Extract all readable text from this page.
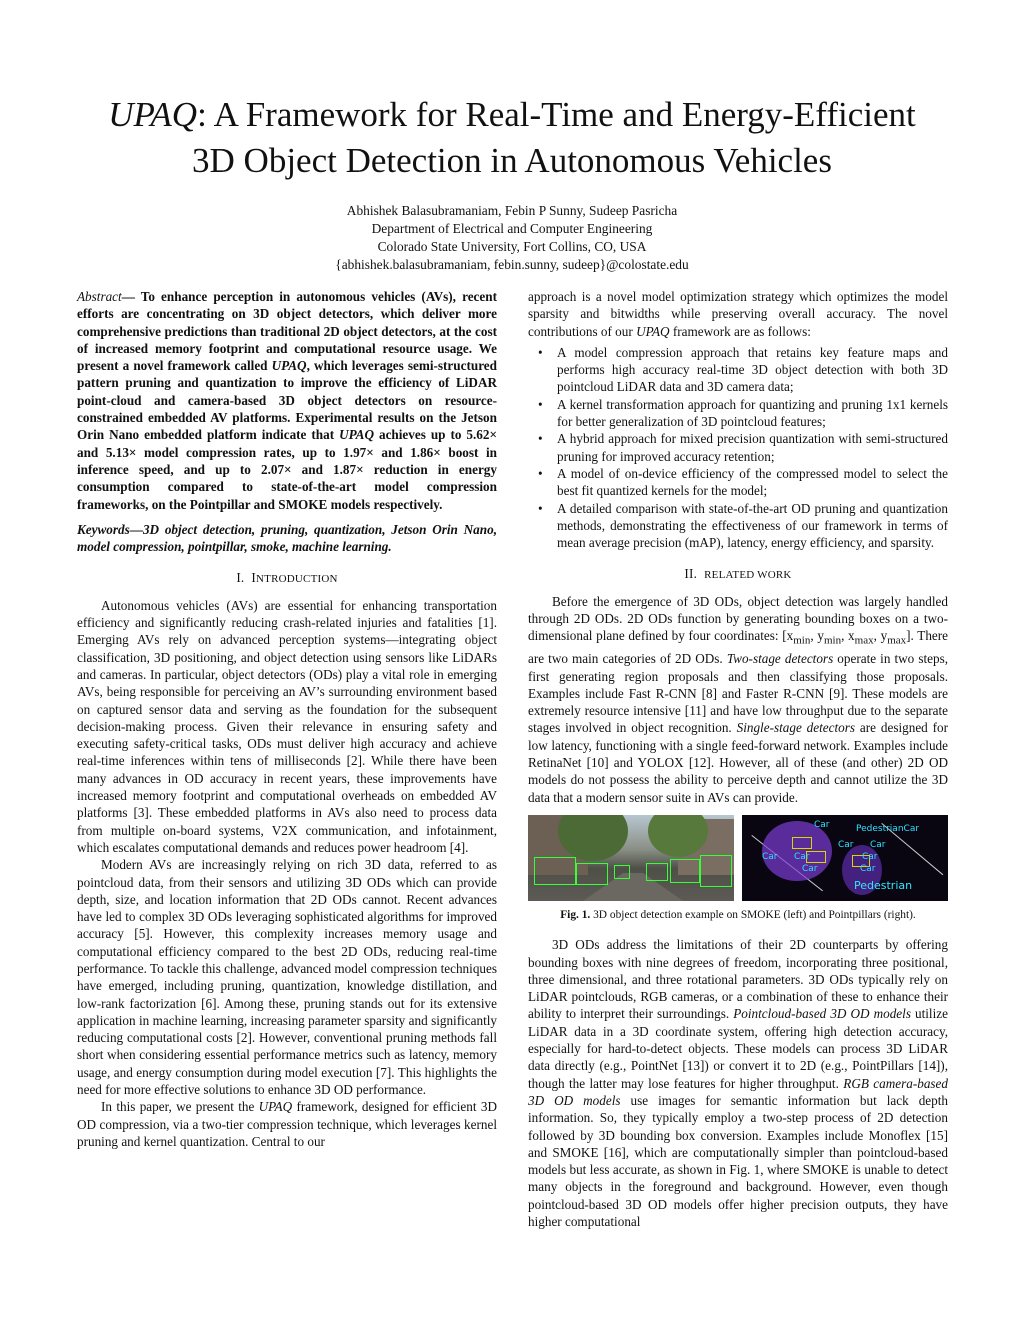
UPAQ: A Framework for Real-Time and Energy-Efficient
3D Object Detection in Autonomous Vehicles
Abhishek Balasubramaniam, Febin P Sunny, Sudeep Pasricha
Department of Electrical and Computer Engineering
Colorado State University, Fort Collins, CO, USA
{abhishek.balasubramaniam, febin.sunny, sudeep}@colostate.edu

Abstract— To enhance perception in autonomous vehicles (AVs), recent efforts are concentrating on 3D object detectors, which deliver more comprehensive predictions than traditional 2D object detectors, at the cost of increased memory footprint and computational resource usage. We present a novel framework called UPAQ, which leverages semi-structured pattern pruning and quantization to improve the efficiency of LiDAR point-cloud and camera-based 3D object detectors on resource-constrained embedded AV platforms. Experimental results on the Jetson Orin Nano embedded platform indicate that UPAQ achieves up to 5.62× and 5.13× model compression rates, up to 1.97× and 1.86× boost in inference speed, and up to 2.07× and 1.87× reduction in energy consumption compared to state-of-the-art model compression frameworks, on the Pointpillar and SMOKE models respectively.

Keywords—3D object detection, pruning, quantization, Jetson Orin Nano, model compression, pointpillar, smoke, machine learning.

I. INTRODUCTION

Autonomous vehicles (AVs) are essential for enhancing transportation efficiency and significantly reducing crash-related injuries and fatalities [1]. Emerging AVs rely on advanced perception systems—integrating object classification, 3D positioning, and object detection using sensors like LiDARs and cameras. In particular, object detectors (ODs) play a vital role in emerging AVs, being responsible for perceiving an AV’s surrounding environment based on captured sensor data and serving as the foundation for the subsequent decision-making process. Given their relevance in ensuring safety and executing safety-critical tasks, ODs must deliver high accuracy and achieve real-time inferences within tens of milliseconds [2]. While there have been many advances in OD accuracy in recent years, these improvements have increased memory footprint and computational overheads on embedded AV platforms [3]. These embedded platforms in AVs also need to process data from multiple on-board systems, V2X communication, and infotainment, which escalates computational demands and reduces power headroom [4].

Modern AVs are increasingly relying on rich 3D data, referred to as pointcloud data, from their sensors and utilizing 3D ODs which can provide depth, size, and location information that 2D ODs cannot. Recent advances have led to complex 3D ODs leveraging sophisticated algorithms for improved accuracy [5]. However, this complexity increases memory usage and computational efficiency compared to the best 2D ODs, reducing real-time performance. To tackle this challenge, advanced model compression techniques have emerged, including pruning, quantization, knowledge distillation, and low-rank factorization [6]. Among these, pruning stands out for its extensive application in machine learning, increasing parameter sparsity and significantly reducing computational costs [2]. However, conventional pruning methods fall short when considering essential performance metrics such as latency, memory usage, and energy consumption during model execution [7]. This highlights the need for more effective solutions to enhance 3D OD performance.

In this paper, we present the UPAQ framework, designed for efficient 3D OD compression, via a two-tier compression technique, which leverages kernel pruning and kernel quantization. Central to our

approach is a novel model optimization strategy which optimizes the model sparsity and bitwidths while preserving overall accuracy. The novel contributions of our UPAQ framework are as follows:

• A model compression approach that retains key feature maps and performs high accuracy real-time 3D object detection with both 3D pointcloud LiDAR data and 3D camera data;
• A kernel transformation approach for quantizing and pruning 1x1 kernels for better generalization of 3D pointcloud features;
• A hybrid approach for mixed precision quantization with semi-structured pruning for improved accuracy retention;
• A model of on-device efficiency of the compressed model to select the best fit quantized kernels for the model;
• A detailed comparison with state-of-the-art OD pruning and quantization methods, demonstrating the effectiveness of our framework in terms of mean average precision (mAP), latency, energy efficiency, and sparsity.
II. RELATED WORK

Before the emergence of 3D ODs, object detection was largely handled through 2D ODs. 2D ODs function by generating bounding boxes on a two-dimensional plane defined by four coordinates: [$x_{min}$, $y_{min}$, $x_{max}$, $y_{max}$]. There are two main categories of 2D ODs. Two-stage detectors operate in two steps, first generating region proposals and then classifying those proposals. Examples include Fast R-CNN [8] and Faster R-CNN [9]. These models are extremely resource intensive [11] and have low throughput due to the separate stages involved in object recognition. Single-stage detectors are designed for low latency, functioning with a single feed-forward network. Examples include RetinaNet [10] and YOLOX [12]. However, all of these (and other) 2D OD models do not possess the ability to perceive depth and cannot utilize the 3D data that a modern sensor suite in AVs can provide.

Car	PedestrianCar
Car Car
Car Car
Car
Car
Car
Pedestrian
Fig. 1. 3D object detection example on SMOKE (left) and Pointpillars (right).

3D ODs address the limitations of their 2D counterparts by offering bounding boxes with nine degrees of freedom, incorporating three positional, three dimensional, and three rotational parameters. 3D ODs typically rely on LiDAR pointclouds, RGB cameras, or a combination of these to enhance their ability to interpret their surroundings. Pointcloud-based 3D OD models utilize LiDAR data in a 3D coordinate system, offering high detection accuracy, especially for hard-to-detect objects. These models can process 3D LiDAR data directly (e.g., PointNet [13]) or convert it to 2D (e.g., PointPillars [14]), though the latter may lose features for higher throughput. RGB camera-based 3D OD models use images for semantic information but lack depth information. So, they typically employ a two-step process of 2D detection followed by 3D bounding box conversion. Examples include Monoflex [15] and SMOKE [16], which are computationally simpler than pointcloud-based models but less accurate, as shown in Fig. 1, where SMOKE is unable to detect many objects in the foreground and background. However, even though pointcloud-based 3D OD models offer higher precision outputs, they have higher computational
